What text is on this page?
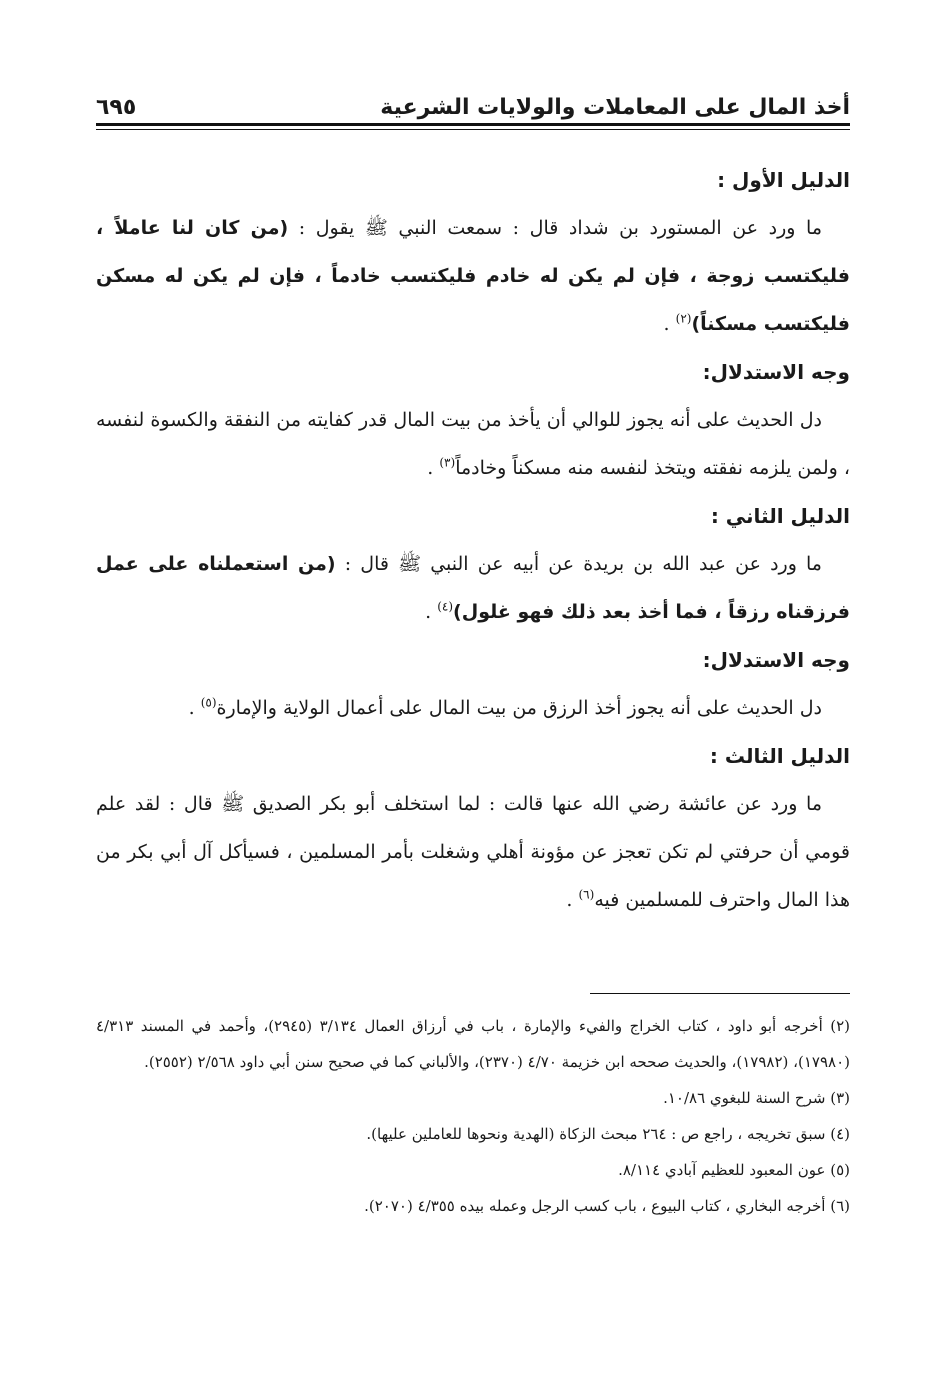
أخذ المال على المعاملات والولايات الشرعية
٦٩٥

الدليل الأول :

ما ورد عن المستورد بن شداد قال : سمعت النبي ﷺ يقول : (من كان لنا عاملاً ، فليكتسب زوجة ، فإن لم يكن له خادم فليكتسب خادماً ، فإن لم يكن له مسكن فليكتسب مسكناً)$^{(٢)}$ .

وجه الاستدلال:

دل الحديث على أنه يجوز للوالي أن يأخذ من بيت المال قدر كفايته من النفقة والكسوة لنفسه ، ولمن يلزمه نفقته ويتخذ لنفسه منه مسكناً وخادماً$^{(٣)}$ .

الدليل الثاني :

ما ورد عن عبد الله بن بريدة عن أبيه عن النبي ﷺ قال : (من استعملناه على عمل فرزقناه رزقاً ، فما أخذ بعد ذلك فهو غلول)$^{(٤)}$ .

وجه الاستدلال:

دل الحديث على أنه يجوز أخذ الرزق من بيت المال على أعمال الولاية والإمارة$^{(٥)}$ .

الدليل الثالث :

ما ورد عن عائشة رضي الله عنها قالت : لما استخلف أبو بكر الصديق ﷺ قال : لقد علم قومي أن حرفتي لم تكن تعجز عن مؤونة أهلي وشغلت بأمر المسلمين ، فسيأكل آل أبي بكر من هذا المال واحترف للمسلمين فيه$^{(٦)}$ .

(٢) أخرجه أبو داود ، كتاب الخراج والفيء والإمارة ، باب في أرزاق العمال ٣/١٣٤ (٢٩٤٥)، وأحمد في المسند ٤/٣١٣ (١٧٩٨٠)، (١٧٩٨٢)، والحديث صححه ابن خزيمة ٤/٧٠ (٢٣٧٠)، والألباني كما في صحيح سنن أبي داود ٢/٥٦٨ (٢٥٥٢).

(٣) شرح السنة للبغوي ١٠/٨٦.

(٤) سبق تخريجه ، راجع ص : ٢٦٤ مبحث الزكاة (الهدية ونحوها للعاملين عليها).

(٥) عون المعبود للعظيم آبادي ٨/١١٤.

(٦) أخرجه البخاري ، كتاب البيوع ، باب كسب الرجل وعمله بيده ٤/٣٥٥ (٢٠٧٠).
